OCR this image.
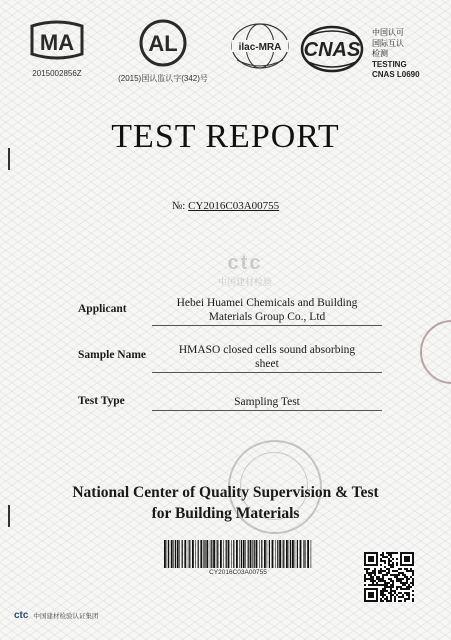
MA
2015002856Z
AL
(2015)国认监认字(342)号
ilac-MRA CNAS
中国认可
国际互认
检测
TESTING
CNAS L0690
TEST REPORT
№: CY2016C03A00755
ctc
中国建材检验
Applicant	Hebei Huamei Chemicals and Building
Materials Group Co., Ltd
Sample Name	HMASO closed cells sound absorbing
sheet
Test Type	Sampling Test
National Center of Quality Supervision & Test
for Building Materials
CY2016C03A00755
ctc 中国建材检验认证集团
